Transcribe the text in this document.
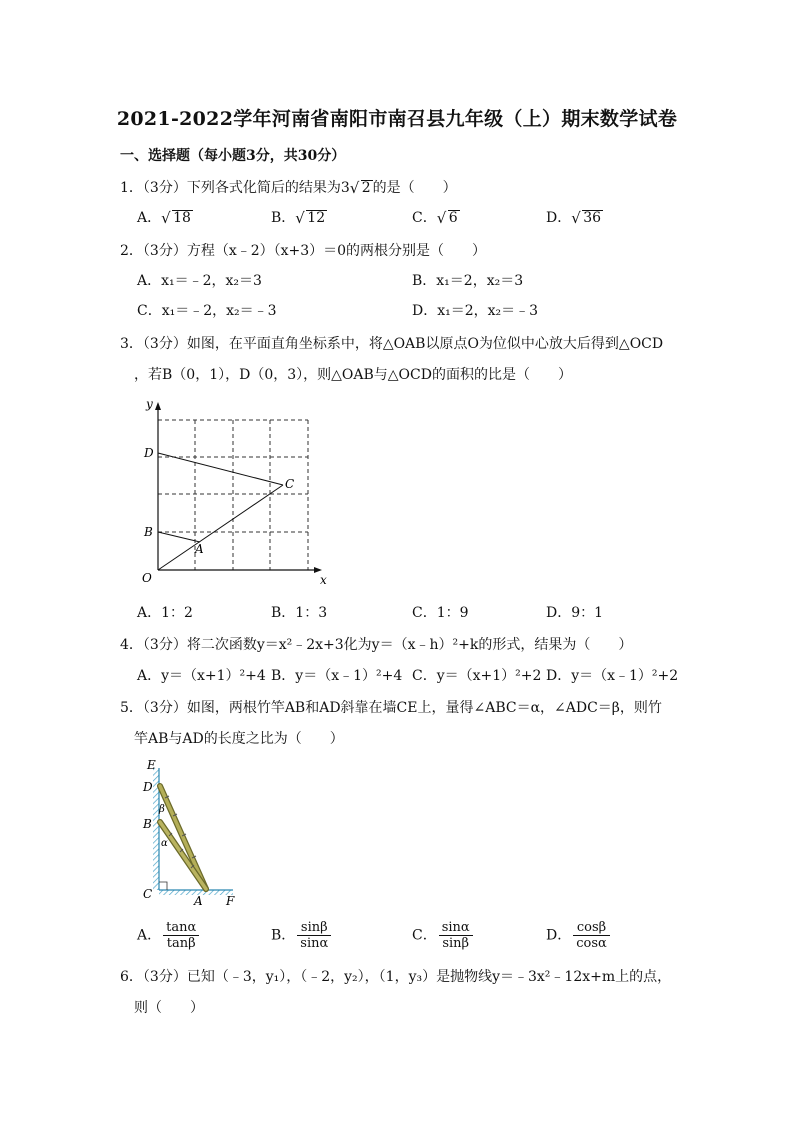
2021-2022学年河南省南阳市南召县九年级（上）期末数学试卷
一、选择题（每小题3分，共30分）
1．（3分）下列各式化简后的结果为3 √ 2 的是（　　）
A． √ 18	B． √ 12	C． √ 6	D． √ 36
2．（3分）方程（x﹣2）（x+3）＝0的两根分别是（　　）
A．x₁＝﹣2，x₂＝3	B．x₁＝2，x₂＝3
C．x₁＝﹣2，x₂＝﹣3	D．x₁＝2，x₂＝﹣3
3．（3分）如图，在平面直角坐标系中，将△OAB以原点O为位似中心放大后得到△OCD
，若B（0，1），D（0，3），则△OAB与△OCD的面积的比是（　　）
y
x
O
D
B
C
A
A．1：2	B．1：3	C．1：9	D．9：1
4．（3分）将二次函数y＝x²﹣2x+3化为y＝（x﹣h）²+k的形式，结果为（　　）
A．y＝（x+1）²+4 B．y＝（x﹣1）²+4 C．y＝（x+1）²+2 D．y＝（x﹣1）²+2
5．（3分）如图，两根竹竿AB和AD斜靠在墙CE上，量得∠ABC＝α，∠ADC＝β，则竹
竿AB与AD的长度之比为（　　）
E
D
B
C	A F
β
α
A． $\frac{\tan\alpha}{\tan\beta}$	B． $\frac{\sin\beta}{\sin\alpha}$	C． $\frac{\sin\alpha}{\sin\beta}$	D． $\frac{\cos\beta}{\cos\alpha}$
6．（3分）已知（﹣3，y₁），（﹣2，y₂），（1，y₃）是抛物线y＝﹣3x²﹣12x+m上的点，
则（　　）
